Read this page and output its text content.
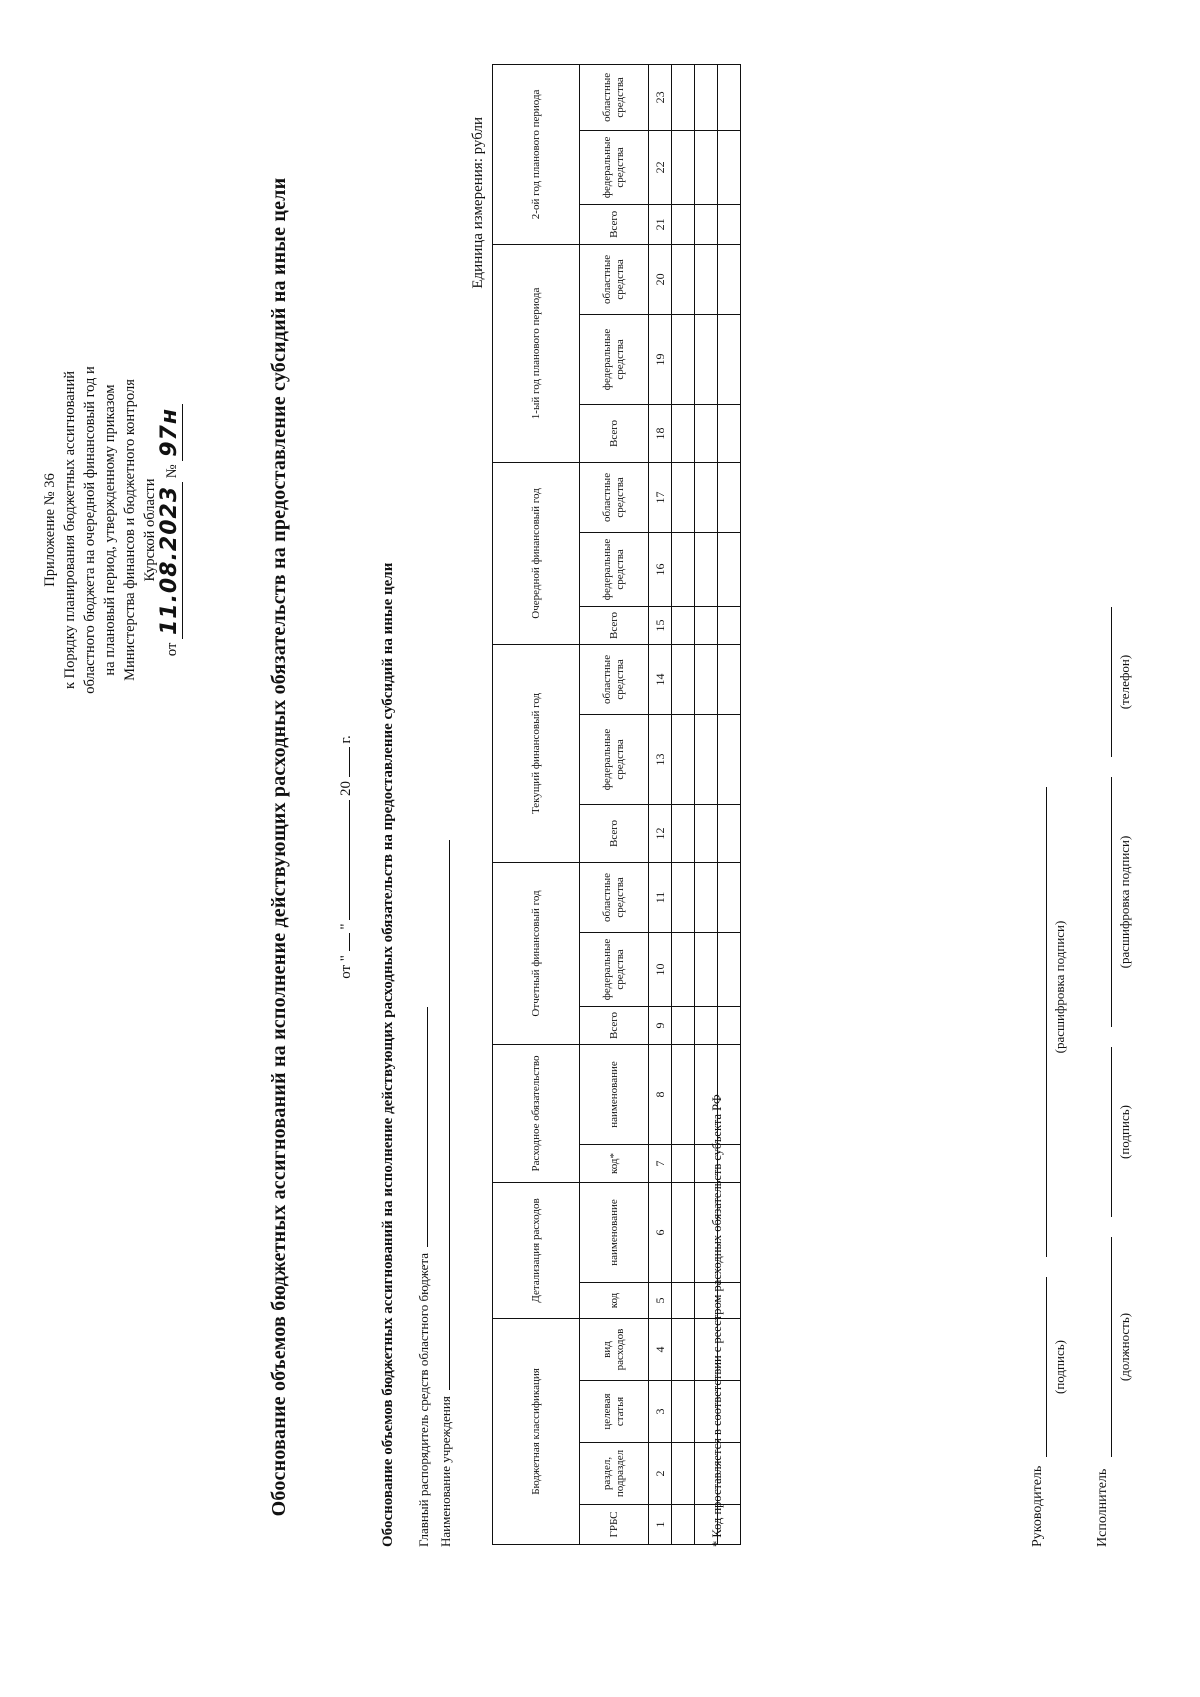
Приложение № 36 к Порядку планирования бюджетных ассигнований областного бюджета на очередной финансовый год и на плановый период, утвержденному приказом Министерства финансов и бюджетного контроля Курской области
от 11.08.2023 № 97н	Обоснование объемов бюджетных ассигнований на исполнение действующих расходных обязательств на предоставление субсидий на иные цели	от "  "  20  г. Обоснование объемов бюджетных ассигнований на исполнение действующих расходных обязательств на предоставление субсидий на иные цели Главный распорядитель средств областного бюджета Наименование учреждения
Единица измерения: рубли
Бюджетная классификация				Детализация расходов		Расходное обязательство		Отчетный финансовый год			Текущий финансовый год			Очередной финансовый год			1-ый год планового периода			2-ой год планового периода		
ГРБС	раздел, подраздел	целевая статья	вид расходов	код	наименование	код*	наименование	Всего	федеральные средства	областные средства	Всего	федеральные средства	областные средства	Всего	федеральные средства	областные средства	Всего	федеральные средства	областные средства	Всего	федеральные средства	областные средства
1	2	3	4	5	6	7	8	9	10	11	12	13	14	15	16	17	18	19	20	21	22	23

* Код проставляется в соответствии с реестром расходных обязательств субъекта РФ	Руководитель
(подпись)
(расшифровка подписи)
Исполнитель
(должность)
(подпись)
(расшифровка подписи)
(телефон)
